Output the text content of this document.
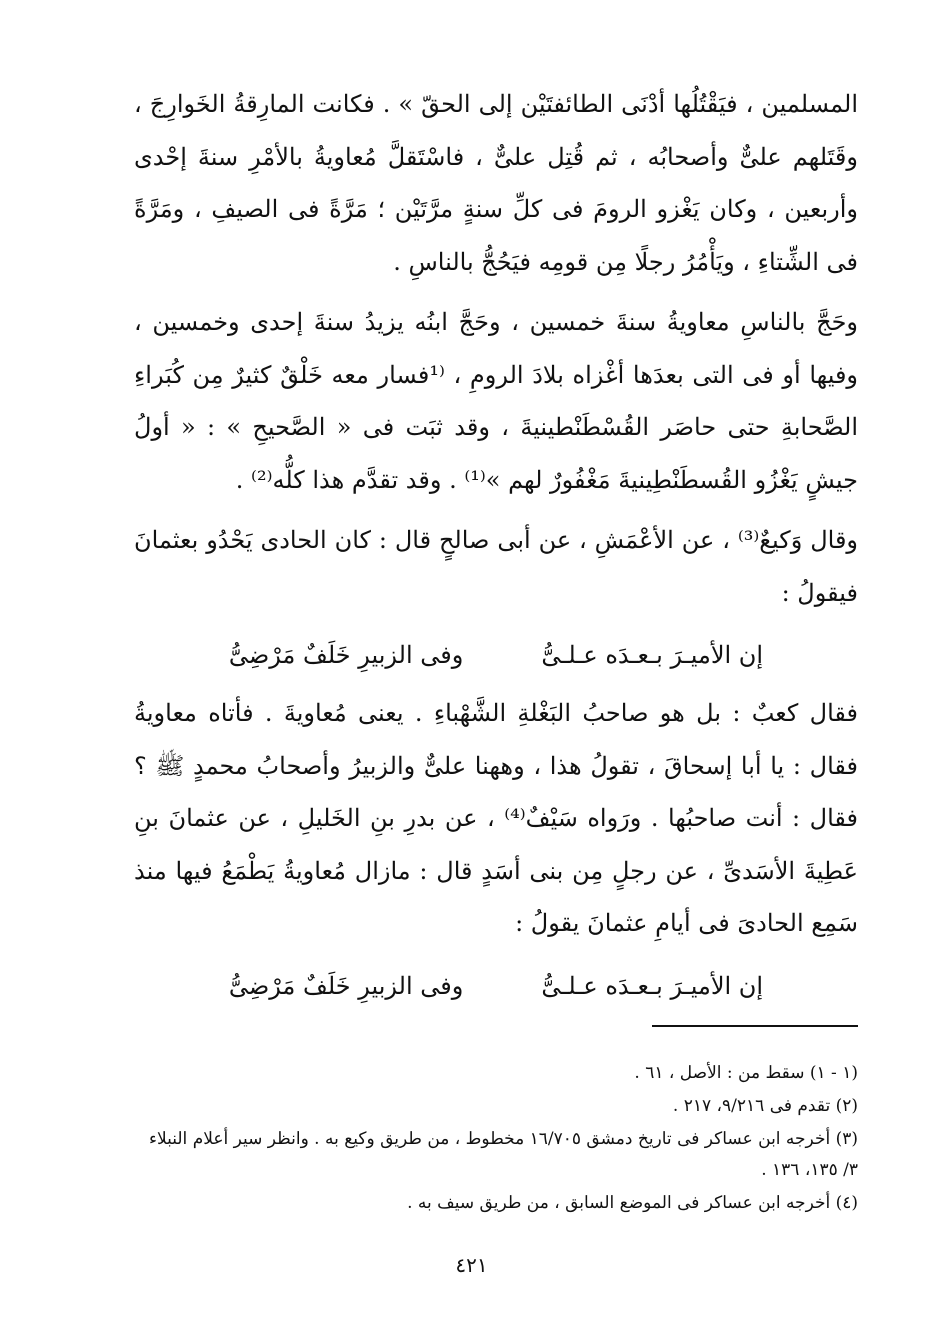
المسلمين ، فيَقْتُلُها أدْنَى الطائفتَيْن إلى الحقّ » . فكانت المارِقةُ الخَوارِجَ ، وقَتَلهم علىٌّ وأصحابُه ، ثم قُتِل علىٌّ ، فاسْتَقلَّ مُعاويةُ بالأمْرِ سنةَ إحْدى وأربعين ، وكان يَغْزو الرومَ فى كلِّ سنةٍ مرَّتَيْن ؛ مَرَّةً فى الصيفِ ، ومَرَّةً فى الشِّتاءِ ، ويَأْمُرُ رجلًا مِن قومِه فيَحُجُّ بالناسِ .

وحَجَّ بالناسِ معاويةُ سنةَ خمسين ، وحَجَّ ابنُه يزيدُ سنةَ إحدى وخمسين ، وفيها أو فى التى بعدَها أغْزاه بلادَ الرومِ ، ⁽¹فسار معه خَلْقٌ كثيرٌ مِن كُبَراءِ الصَّحابةِ حتى حاصَر القُسْطَنْطينيةَ ، وقد ثبَت فى « الصَّحيحِ » : « أولُ جيشٍ يَغْزُو القُسطَنْطِينيةَ مَغْفُورٌ لهم »⁽¹⁾ . وقد تقدَّم هذا كلُّه⁽²⁾ .

وقال وَكيعٌ⁽³⁾ ، عن الأعْمَشِ ، عن أبى صالحٍ قال : كان الحادى يَحْدُو بعثمانَ فيقولُ :

إن الأميـرَ بـعـدَه عـلـىُّ
وفى الزبيرِ خَلَفٌ مَرْضِىُّ

فقال كعبٌ : بل هو صاحبُ البَغْلةِ الشَّهْباءِ . يعنى مُعاويةَ . فأتاه معاويةُ فقال : يا أبا إسحاقَ ، تقولُ هذا ، وههنا علىٌّ والزبيرُ وأصحابُ محمدٍ ﷺ ؟ فقال : أنت صاحبُها . ورَواه سَيْفٌ⁽⁴⁾ ، عن بدرِ بنِ الخَليلِ ، عن عثمانَ بنِ عَطِيةَ الأسَدىِّ ، عن رجلٍ مِن بنى أسَدٍ قال : مازال مُعاويةُ يَطْمَعُ فيها منذ سَمِع الحادىَ فى أيامِ عثمانَ يقولُ :

إن الأميـرَ بـعـدَه عـلـىُّ
وفى الزبيرِ خَلَفٌ مَرْضِىُّ

(١ - ١) سقط من : الأصل ، ٦١ .

(٢) تقدم فى ٩/٢١٦، ٢١٧ .

(٣) أخرجه ابن عساكر فى تاريخ دمشق ١٦/٧٠٥ مخطوط ، من طريق وكيع به . وانظر سير أعلام النبلاء ٣/ ١٣٥، ١٣٦ .

(٤) أخرجه ابن عساكر فى الموضع السابق ، من طريق سيف به .

٤٢١
